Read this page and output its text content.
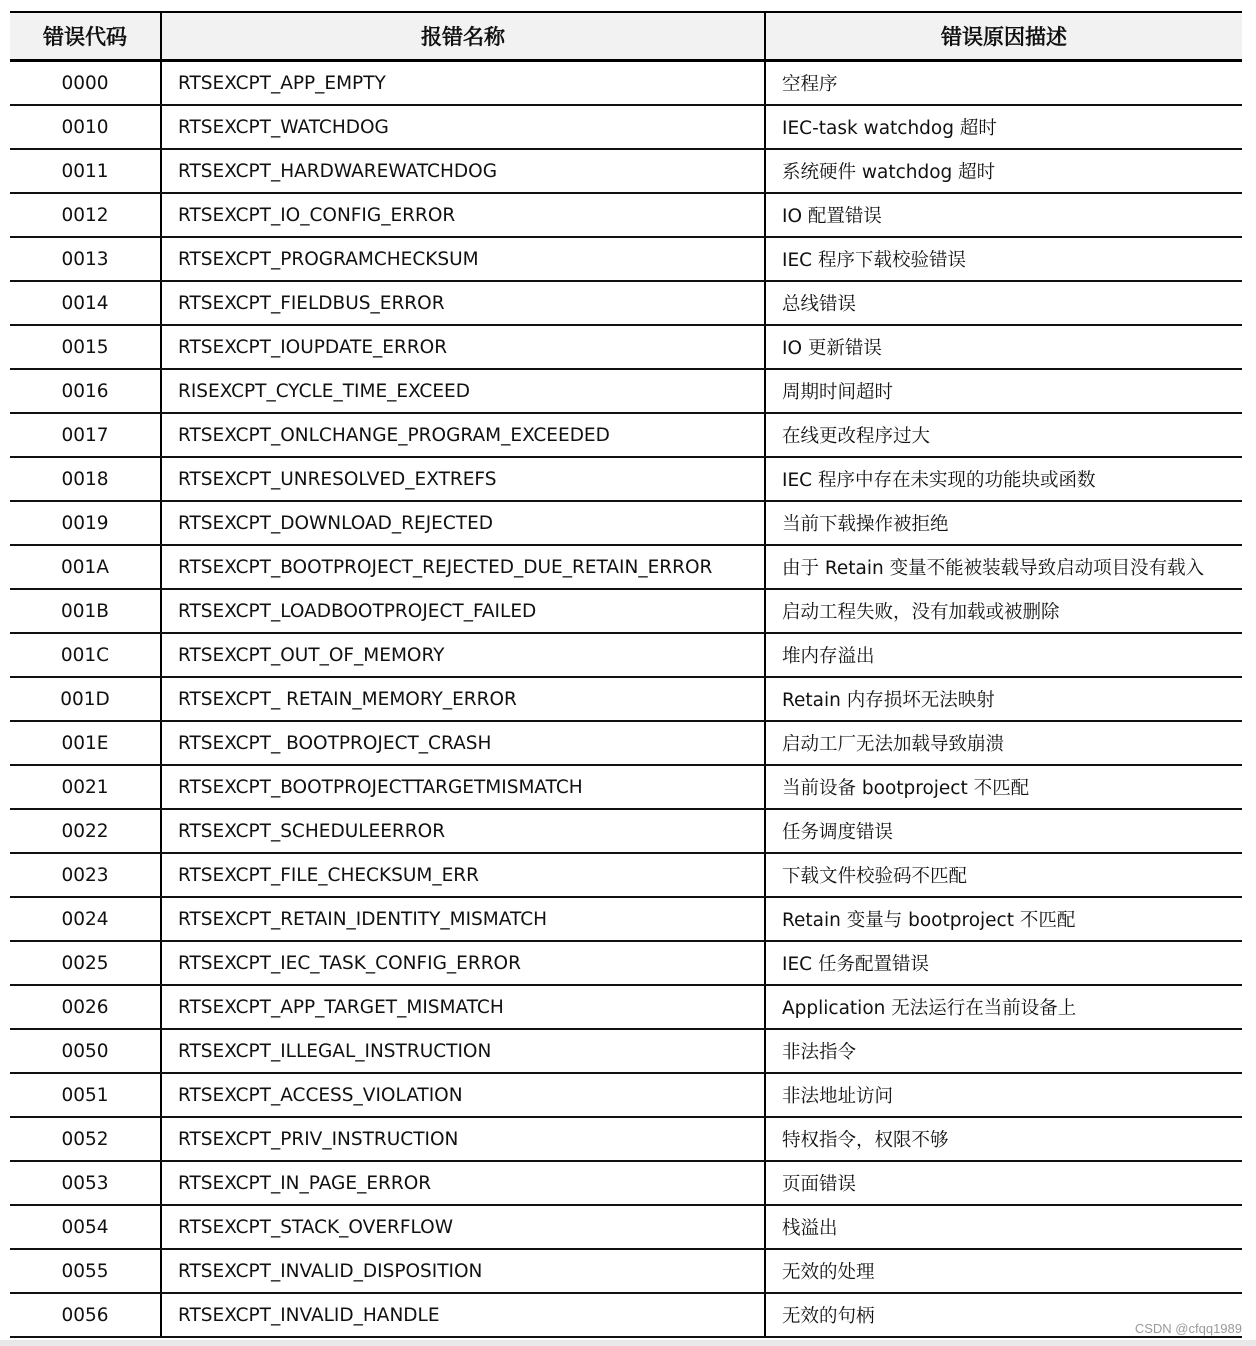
错误代码	报错名称	错误原因描述
0000	RTSEXCPT_APP_EMPTY	空程序
0010	RTSEXCPT_WATCHDOG	IEC-task watchdog 超时
0011	RTSEXCPT_HARDWAREWATCHDOG	系统硬件 watchdog 超时
0012	RTSEXCPT_IO_CONFIG_ERROR	IO 配置错误
0013	RTSEXCPT_PROGRAMCHECKSUM	IEC 程序下载校验错误
0014	RTSEXCPT_FIELDBUS_ERROR	总线错误
0015	RTSEXCPT_IOUPDATE_ERROR	IO 更新错误
0016	RISEXCPT_CYCLE_TIME_EXCEED	周期时间超时
0017	RTSEXCPT_ONLCHANGE_PROGRAM_EXCEEDED	在线更改程序过大
0018	RTSEXCPT_UNRESOLVED_EXTREFS	IEC 程序中存在未实现的功能块或函数
0019	RTSEXCPT_DOWNLOAD_REJECTED	当前下载操作被拒绝
001A	RTSEXCPT_BOOTPROJECT_REJECTED_DUE_RETAIN_ERROR	由于 Retain 变量不能被装载导致启动项目没有载入
001B	RTSEXCPT_LOADBOOTPROJECT_FAILED	启动工程失败，没有加载或被删除
001C	RTSEXCPT_OUT_OF_MEMORY	堆内存溢出
001D	RTSEXCPT_ RETAIN_MEMORY_ERROR	Retain 内存损坏无法映射
001E	RTSEXCPT_ BOOTPROJECT_CRASH	启动工厂无法加载导致崩溃
0021	RTSEXCPT_BOOTPROJECTTARGETMISMATCH	当前设备 bootproject 不匹配
0022	RTSEXCPT_SCHEDULEERROR	任务调度错误
0023	RTSEXCPT_FILE_CHECKSUM_ERR	下载文件校验码不匹配
0024	RTSEXCPT_RETAIN_IDENTITY_MISMATCH	Retain 变量与 bootproject 不匹配
0025	RTSEXCPT_IEC_TASK_CONFIG_ERROR	IEC 任务配置错误
0026	RTSEXCPT_APP_TARGET_MISMATCH	Application 无法运行在当前设备上
0050	RTSEXCPT_ILLEGAL_INSTRUCTION	非法指令
0051	RTSEXCPT_ACCESS_VIOLATION	非法地址访问
0052	RTSEXCPT_PRIV_INSTRUCTION	特权指令，权限不够
0053	RTSEXCPT_IN_PAGE_ERROR	页面错误
0054	RTSEXCPT_STACK_OVERFLOW	栈溢出
0055	RTSEXCPT_INVALID_DISPOSITION	无效的处理
0056	RTSEXCPT_INVALID_HANDLE	无效的句柄
CSDN @cfqq1989
